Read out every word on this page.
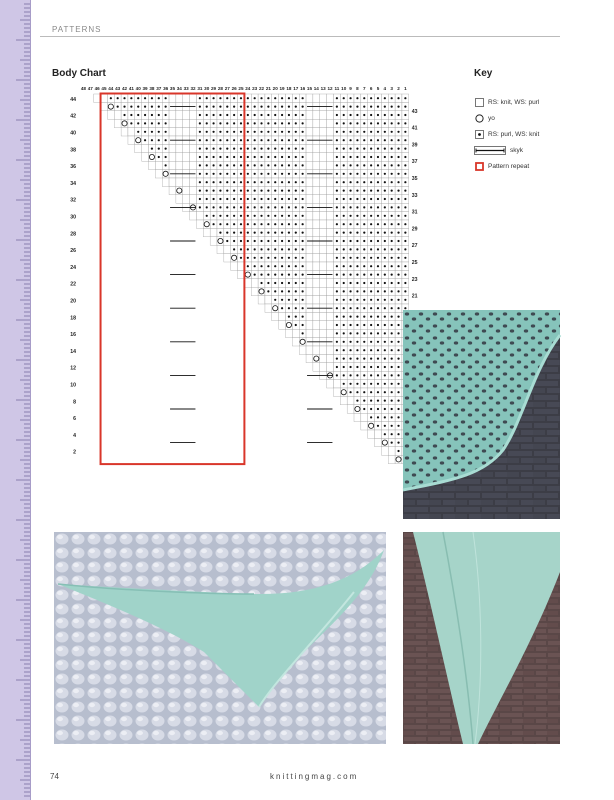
PATTERNS
Body Chart
48 47 46 45 44 43 42 41 40 39 38 37 36 35 34 33 32 31 30 29 28 27 26 25 24 23 22 21 20 19 18 17 16 15 14 13 12 11 10 9 8 7 6 5 4 3 2 1
44
43
42
41
40
39
38
37
36
35
34
33
32
31
30
29
28
27
26
25
24
23
22
21
20
18
16
14
12
10
8
6
4
2
Key
RS: knit, WS: purl
yo
RS: purl, WS: knit
skyk
Pattern repeat
74	knittingmag.com
PassionForum.ru
